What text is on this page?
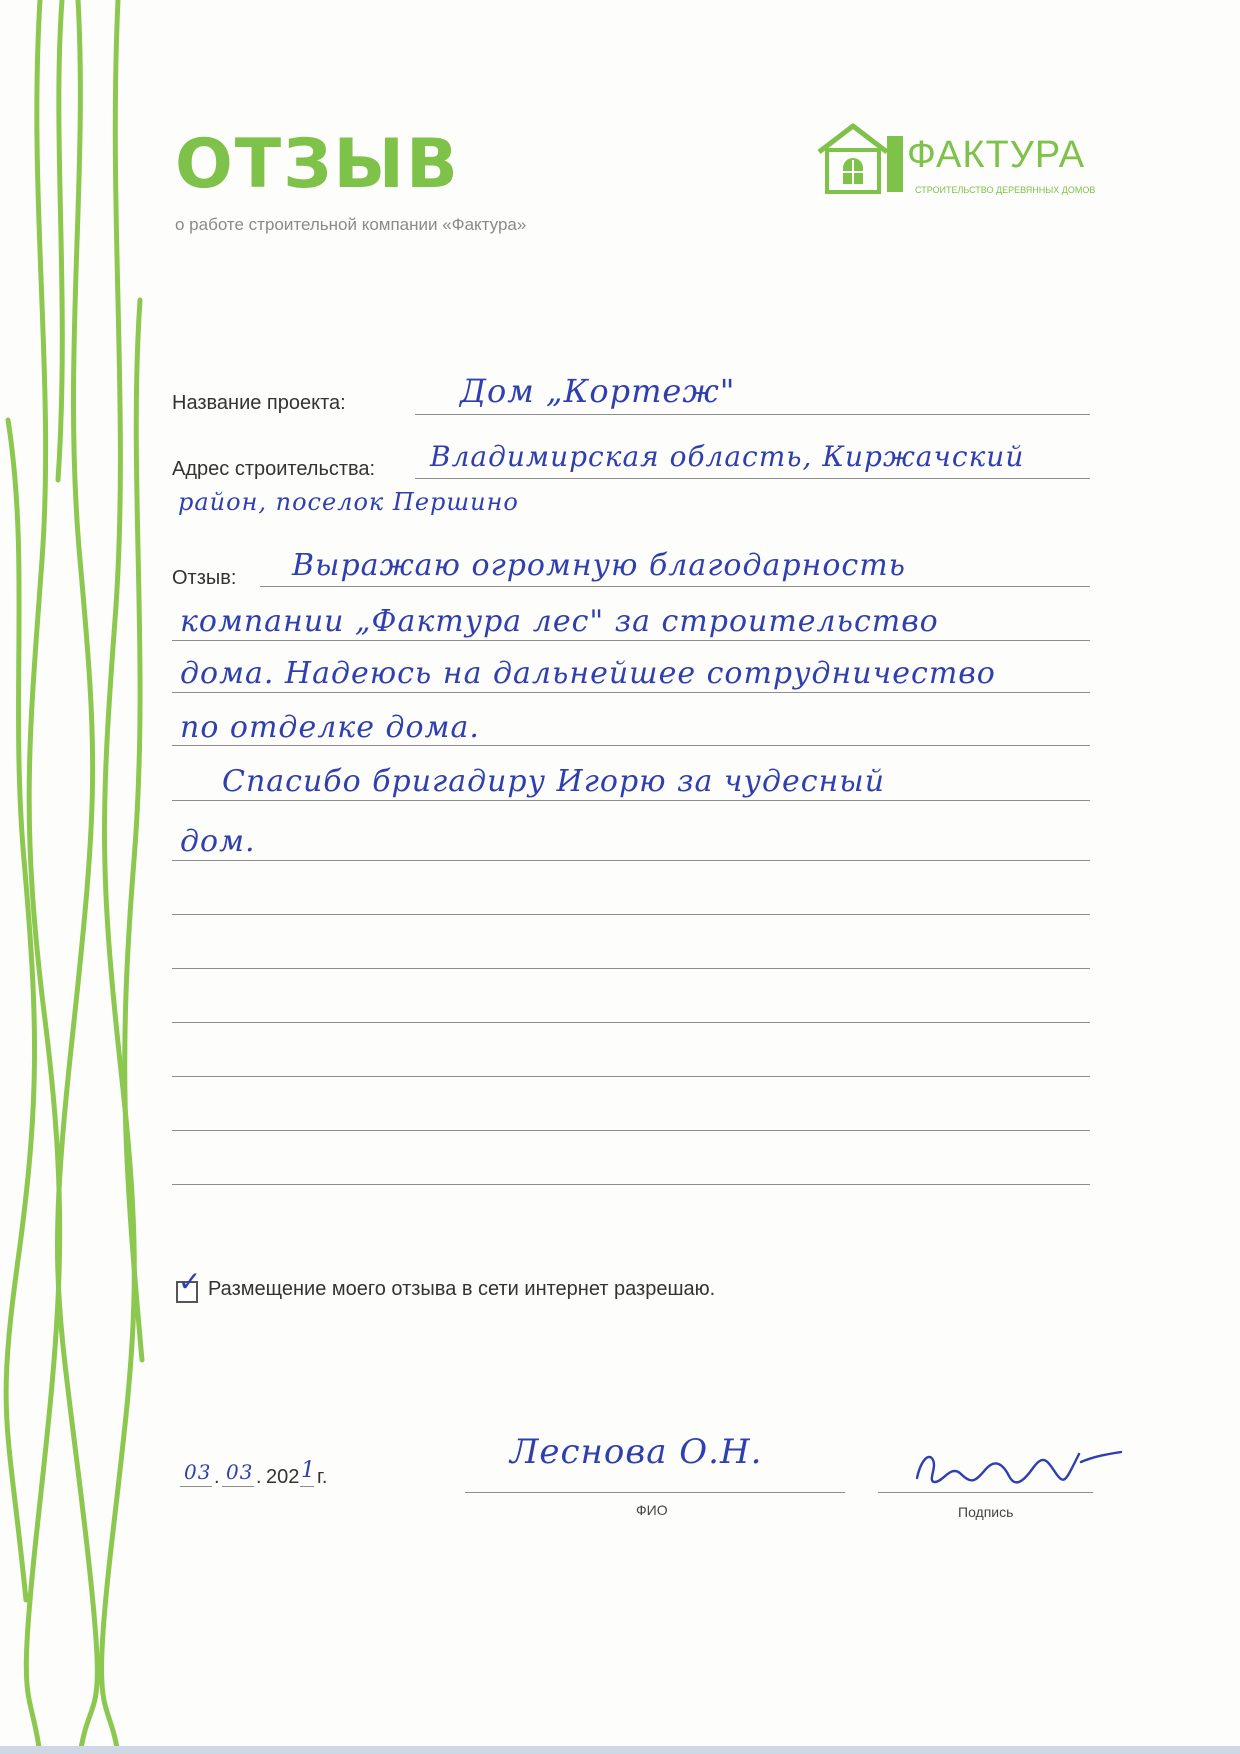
ОТЗЫВ

о работе строительной компании «Фактура»

ФАКТУРА
СТРОИТЕЛЬСТВО ДЕРЕВЯННЫХ ДОМОВ
Название проекта:	Дом „Кортеж"
Адрес строительства: Владимирская область, Киржачский
район, поселок Першино
Отзыв: Выражаю огромную благодарность
компании „Фактура лес" за строительство
дома. Надеюсь на дальнейшее сотрудничество
по отделке дома.
Спасибо бригадиру Игорю за чудесный
дом.
✓ Размещение моего отзыва в сети интернет разрешаю.
03 . 03 . 202 1 г.
Леснова О.Н.
ФИО	Подпись
